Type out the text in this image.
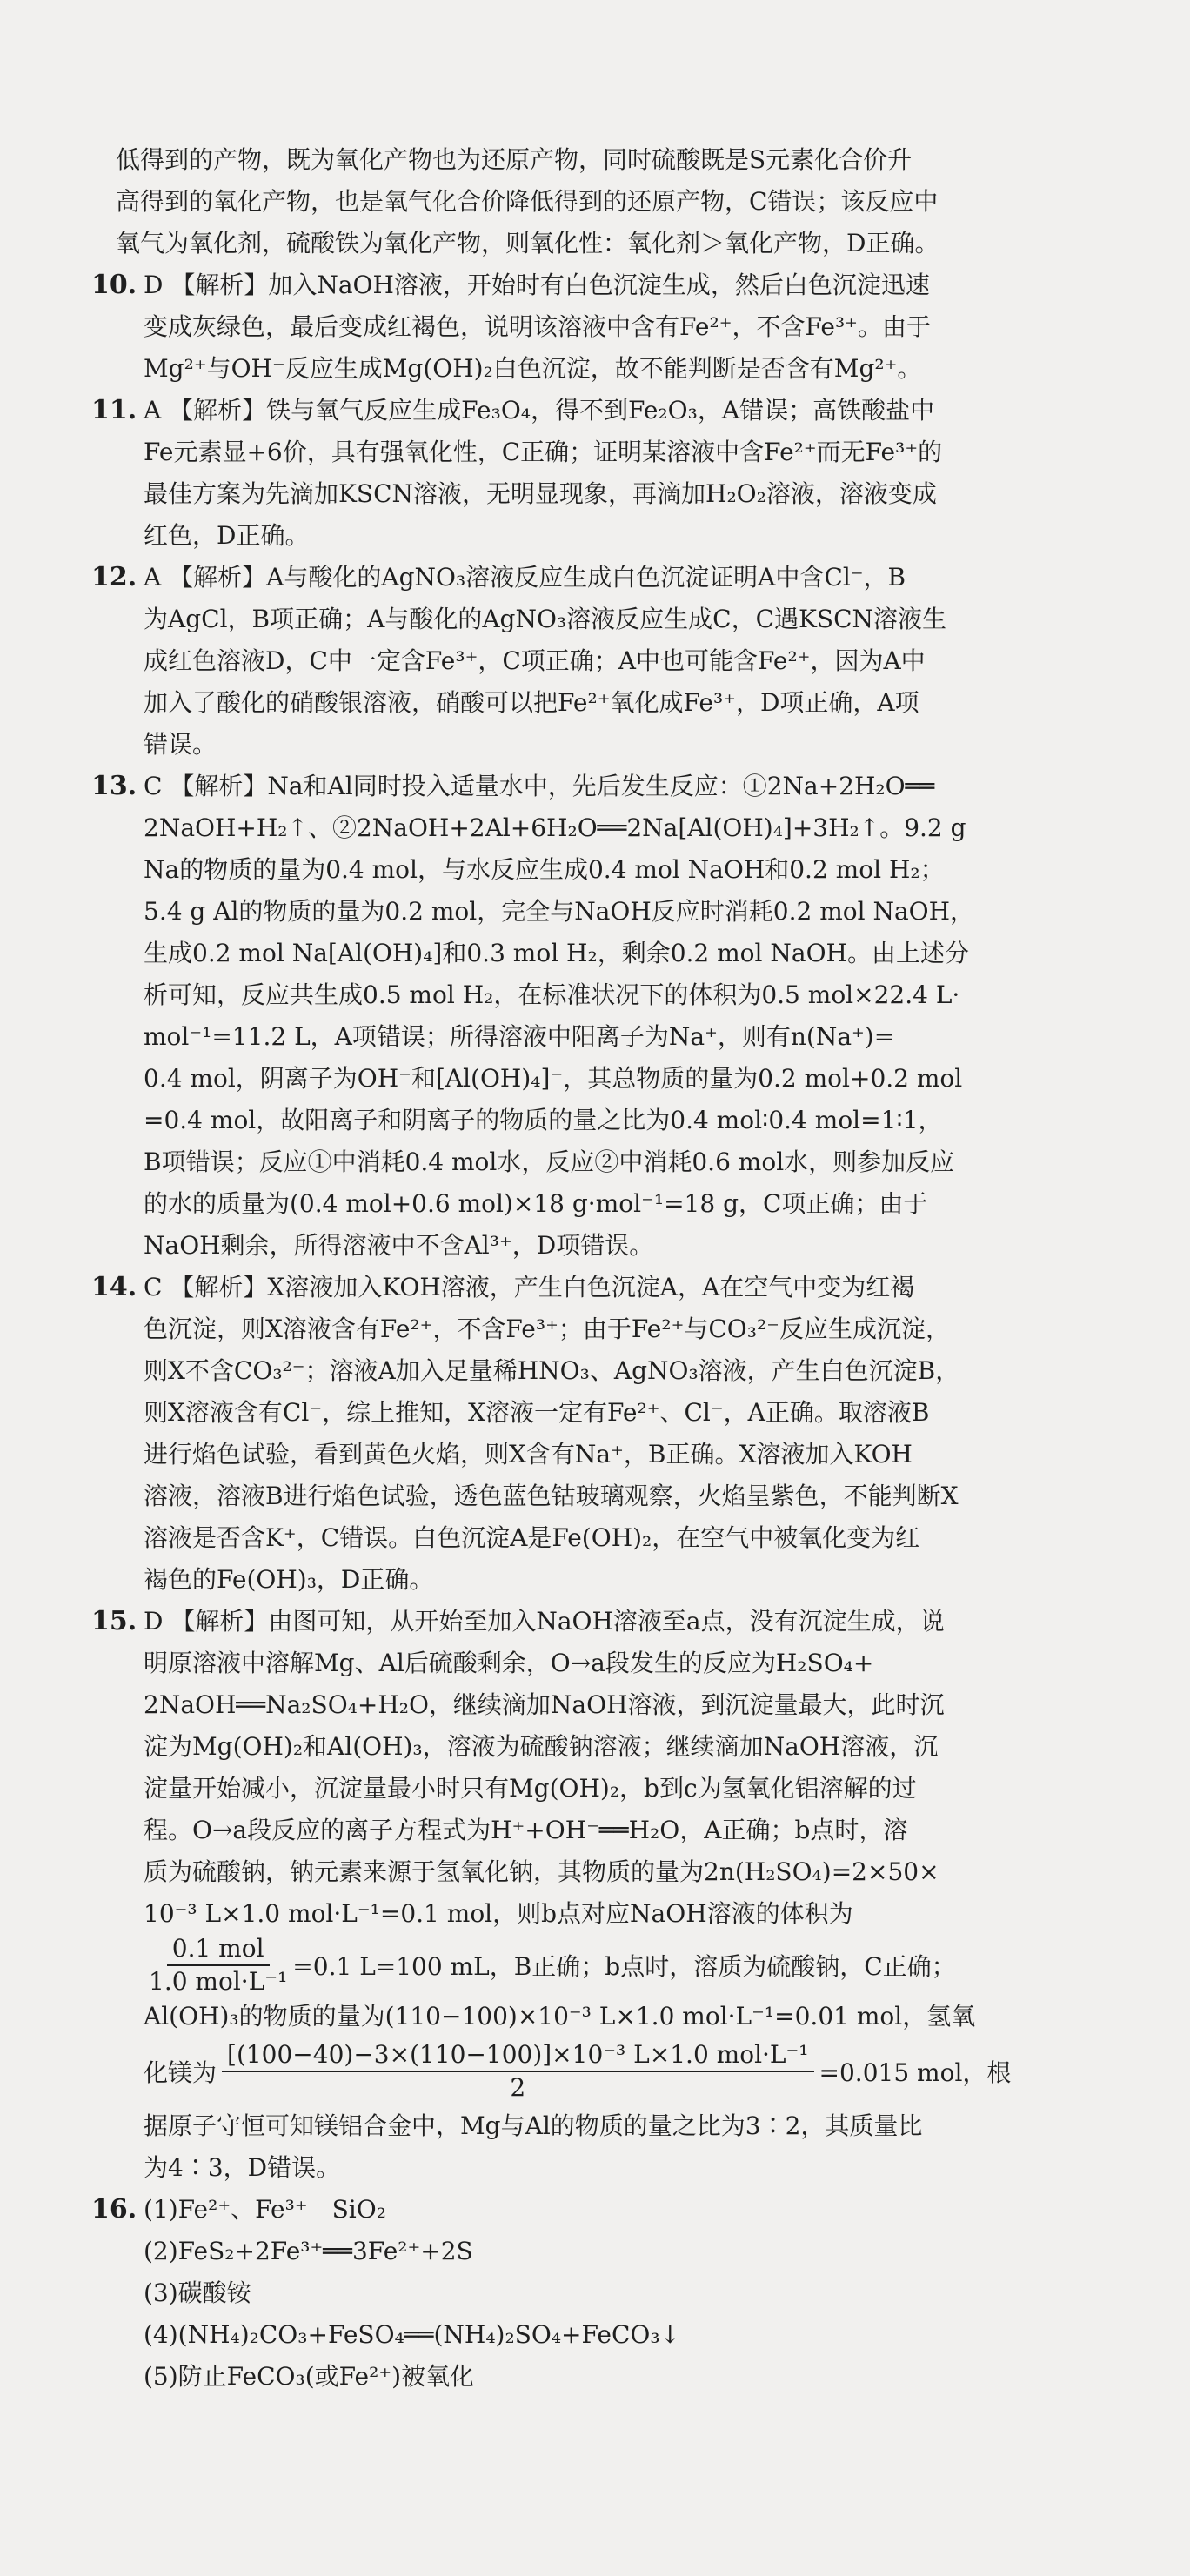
低得到的产物，既为氧化产物也为还原产物，同时硫酸既是S元素化合价升

高得到的氧化产物，也是氧气化合价降低得到的还原产物，C错误；该反应中

氧气为氧化剂，硫酸铁为氧化产物，则氧化性：氧化剂＞氧化产物，D正确。

10. D 【解析】加入NaOH溶液，开始时有白色沉淀生成，然后白色沉淀迅速
变成灰绿色，最后变成红褐色，说明该溶液中含有Fe²⁺，不含Fe³⁺。由于
Mg²⁺与OH⁻反应生成Mg(OH)₂白色沉淀，故不能判断是否含有Mg²⁺。
11. A 【解析】铁与氧气反应生成Fe₃O₄，得不到Fe₂O₃，A错误；高铁酸盐中
Fe元素显+6价，具有强氧化性，C正确；证明某溶液中含Fe²⁺而无Fe³⁺的
最佳方案为先滴加KSCN溶液，无明显现象，再滴加H₂O₂溶液，溶液变成
红色，D正确。
12. A 【解析】A与酸化的AgNO₃溶液反应生成白色沉淀证明A中含Cl⁻，B
为AgCl，B项正确；A与酸化的AgNO₃溶液反应生成C，C遇KSCN溶液生
成红色溶液D，C中一定含Fe³⁺，C项正确；A中也可能含Fe²⁺，因为A中
加入了酸化的硝酸银溶液，硝酸可以把Fe²⁺氧化成Fe³⁺，D项正确，A项
错误。
13. C 【解析】Na和Al同时投入适量水中，先后发生反应：①2Na+2H₂O══
2NaOH+H₂↑、②2NaOH+2Al+6H₂O══2Na[Al(OH)₄]+3H₂↑。9.2 g
Na的物质的量为0.4 mol，与水反应生成0.4 mol NaOH和0.2 mol H₂；
5.4 g Al的物质的量为0.2 mol，完全与NaOH反应时消耗0.2 mol NaOH，
生成0.2 mol Na[Al(OH)₄]和0.3 mol H₂，剩余0.2 mol NaOH。由上述分
析可知，反应共生成0.5 mol H₂，在标准状况下的体积为0.5 mol×22.4 L·
mol⁻¹=11.2 L，A项错误；所得溶液中阳离子为Na⁺，则有n(Na⁺)=
0.4 mol，阴离子为OH⁻和[Al(OH)₄]⁻，其总物质的量为0.2 mol+0.2 mol
=0.4 mol，故阳离子和阴离子的物质的量之比为0.4 mol∶0.4 mol=1∶1，
B项错误；反应①中消耗0.4 mol水，反应②中消耗0.6 mol水，则参加反应
的水的质量为(0.4 mol+0.6 mol)×18 g·mol⁻¹=18 g，C项正确；由于
NaOH剩余，所得溶液中不含Al³⁺，D项错误。
14. C 【解析】X溶液加入KOH溶液，产生白色沉淀A，A在空气中变为红褐
色沉淀，则X溶液含有Fe²⁺，不含Fe³⁺；由于Fe²⁺与CO₃²⁻反应生成沉淀，
则X不含CO₃²⁻；溶液A加入足量稀HNO₃、AgNO₃溶液，产生白色沉淀B，
则X溶液含有Cl⁻，综上推知，X溶液一定有Fe²⁺、Cl⁻，A正确。取溶液B
进行焰色试验，看到黄色火焰，则X含有Na⁺，B正确。X溶液加入KOH
溶液，溶液B进行焰色试验，透色蓝色钴玻璃观察，火焰呈紫色，不能判断X
溶液是否含K⁺，C错误。白色沉淀A是Fe(OH)₂，在空气中被氧化变为红
褐色的Fe(OH)₃，D正确。
15. D 【解析】由图可知，从开始至加入NaOH溶液至a点，没有沉淀生成，说
明原溶液中溶解Mg、Al后硫酸剩余，O→a段发生的反应为H₂SO₄+
2NaOH══Na₂SO₄+H₂O，继续滴加NaOH溶液，到沉淀量最大，此时沉
淀为Mg(OH)₂和Al(OH)₃，溶液为硫酸钠溶液；继续滴加NaOH溶液，沉
淀量开始减小，沉淀量最小时只有Mg(OH)₂，b到c为氢氧化铝溶解的过
程。O→a段反应的离子方程式为H⁺+OH⁻══H₂O，A正确；b点时，溶
质为硫酸钠，钠元素来源于氢氧化钠，其物质的量为2n(H₂SO₄)=2×50×
10⁻³ L×1.0 mol·L⁻¹=0.1 mol，则b点对应NaOH溶液的体积为
$\frac{\text{0.1 mol}}{\text{1.0 mol·L⁻¹}} =0.1$ L=100 mL，B正确；b点时，溶质为硫酸钠，C正确；

Al(OH)₃的物质的量为(110−100)×10⁻³ L×1.0 mol·L⁻¹=0.01 mol，氢氧

化镁为 $\frac{\text{[(100−40)−3×(110−100)]×10⁻³ L×1.0 mol·L⁻¹}}{2} =0.015$ mol，根

据原子守恒可知镁铝合金中，Mg与Al的物质的量之比为3∶2，其质量比

为4∶3，D错误。

16. (1)Fe²⁺、Fe³⁺　SiO₂
(2)FeS₂+2Fe³⁺══3Fe²⁺+2S
(3)碳酸铵
(4)(NH₄)₂CO₃+FeSO₄══(NH₄)₂SO₄+FeCO₃↓
(5)防止FeCO₃(或Fe²⁺)被氧化
